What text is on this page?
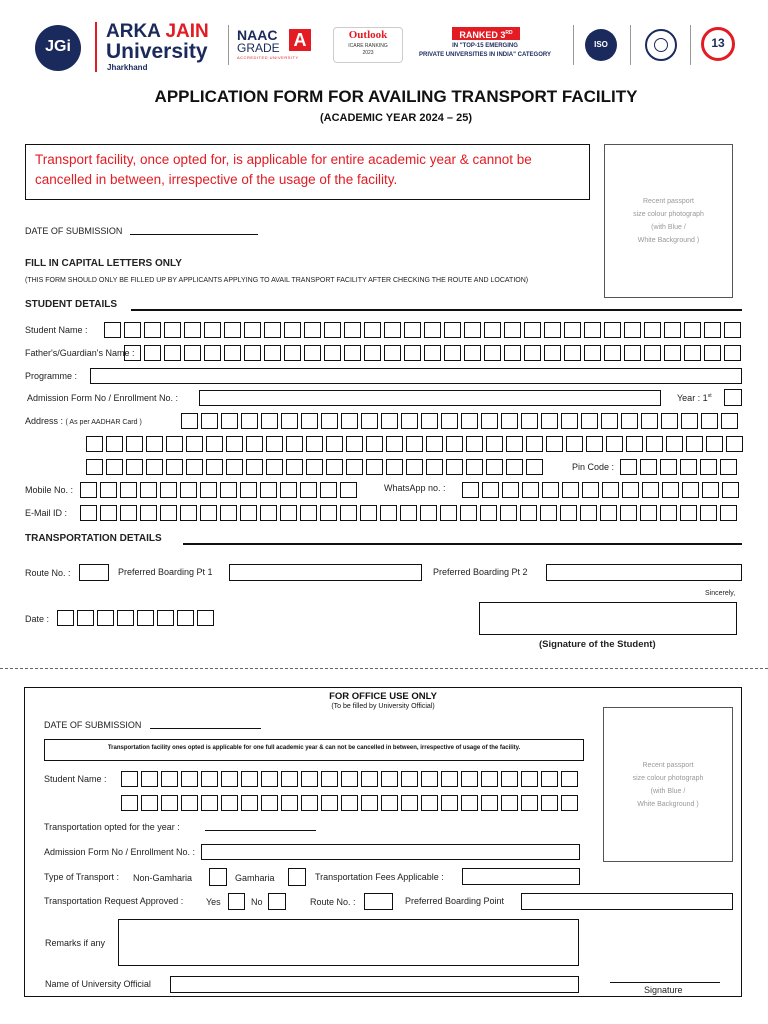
JGi
ARKA JAIN
University
Jharkhand
NAAC
GRADE A
ACCREDITED UNIVERSITY
Outlook
ICARE RANKING
2023
RANKED 3RD
IN "TOP-15 EMERGING
PRIVATE UNIVERSITIES IN INDIA" CATEGORY
ISO	13
APPLICATION FORM FOR AVAILING TRANSPORT FACILITY
(ACADEMIC YEAR 2024 – 25)
Transport facility, once opted for, is applicable for entire academic year & cannot be cancelled in between, irrespective of the usage of the facility.
Recent passport
size colour photograph
(with Blue /
White Background )
DATE OF SUBMISSION
FILL IN CAPITAL LETTERS ONLY
(THIS FORM SHOULD ONLY BE FILLED UP BY APPLICANTS APPLYING TO AVAIL TRANSPORT FACILITY AFTER CHECKING THE ROUTE AND LOCATION)
STUDENT DETAILS
Student Name :
Father's/Guardian's Name :
Programme :
Admission Form No / Enrollment No. :	Year : 1st
Address : ( As per AADHAR Card )
Pin Code :
Mobile No. :	WhatsApp no. :
E-Mail ID :
TRANSPORTATION DETAILS
Route No. :	Preferred Boarding Pt 1	Preferred Boarding Pt 2
Sincerely,
Date :
(Signature of the Student)
FOR OFFICE USE ONLY
(To be filled by University Official)
DATE OF SUBMISSION
Recent passport
size colour photograph
(with Blue /
White Background )
Transportation facility ones opted is applicable for one full academic year & can not be cancelled in between, irrespective of usage of the facility.
Student Name :
Transportation opted for the year :
Admission Form No / Enrollment No. :
Type of Transport : Non-Gamharia	Gamharia	Transportation Fees Applicable :
Transportation Request Approved :	Yes	No	Route No. :	Preferred Boarding Point
Remarks if any
Name of University Official
Signature
